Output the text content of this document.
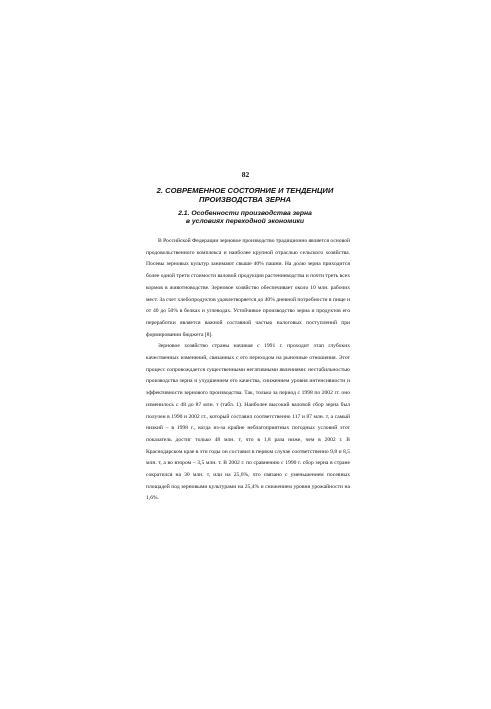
82
2. СОВРЕМЕННОЕ СОСТОЯНИЕ И ТЕНДЕНЦИИ
ПРОИЗВОДСТВА ЗЕРНА
2.1. Особенности производства зерна
в условиях переходной экономики

В Российской Федерации зерновое производство традиционно является основой продовольственного комплекса и наиболее крупной отраслью сельского хозяйства. Посевы зерновых культур занимают свыше 40% пашни. На долю зерна приходится более одной трети стоимости валовой продукции растениеводства и почти треть всех кормов в животноводстве. Зерновое хозяйство обеспечивает около 10 млн. рабочих мест. За счет хлебопродуктов удовлетворяется до 40% дневной потребности в пище и от 40 до 50% в белках и углеводах. Устойчивое производство зерна и продуктов его переработки является важной составной частью налоговых поступлений при формировании бюджета [8].

Зерновое хозяйство страны начиная с 1991 г. проходит этап глубоких качественных изменений, связанных с его переходом на рыночные отношения. Этот процесс сопровождается существенными негативными явлениями: нестабильностью производства зерна и ухудшением его качества, снижением уровня интенсивности и эффективности зернового производства. Так, только за период с 1998 по 2002 гг. оно изменилось с 48 до 87 млн. т (табл. 1). Наиболее высокий валовой сбор зерна был получен в 1990 и 2002 гг., который составил соответственно 117 и 87 млн. т, а самый низкий – в 1998 г., когда из-за крайне неблагоприятных погодных условий этот показатель достиг только 48 млн. т, что в 1,8 раза ниже, чем в 2002 г. В Краснодарском крае в эти годы он составил в первом случае соответственно 9,8 и 8,5 млн. т, а во втором – 3,5 млн. т. В 2002 г. по сравнению с 1990 г. сбор зерна в стране сократился на 30 млн. т, или на 25,6%, что связано с уменьшением посевных площадей под зерновыми культурами на 25,4% и снижением уровня урожайности на 1,6%.
